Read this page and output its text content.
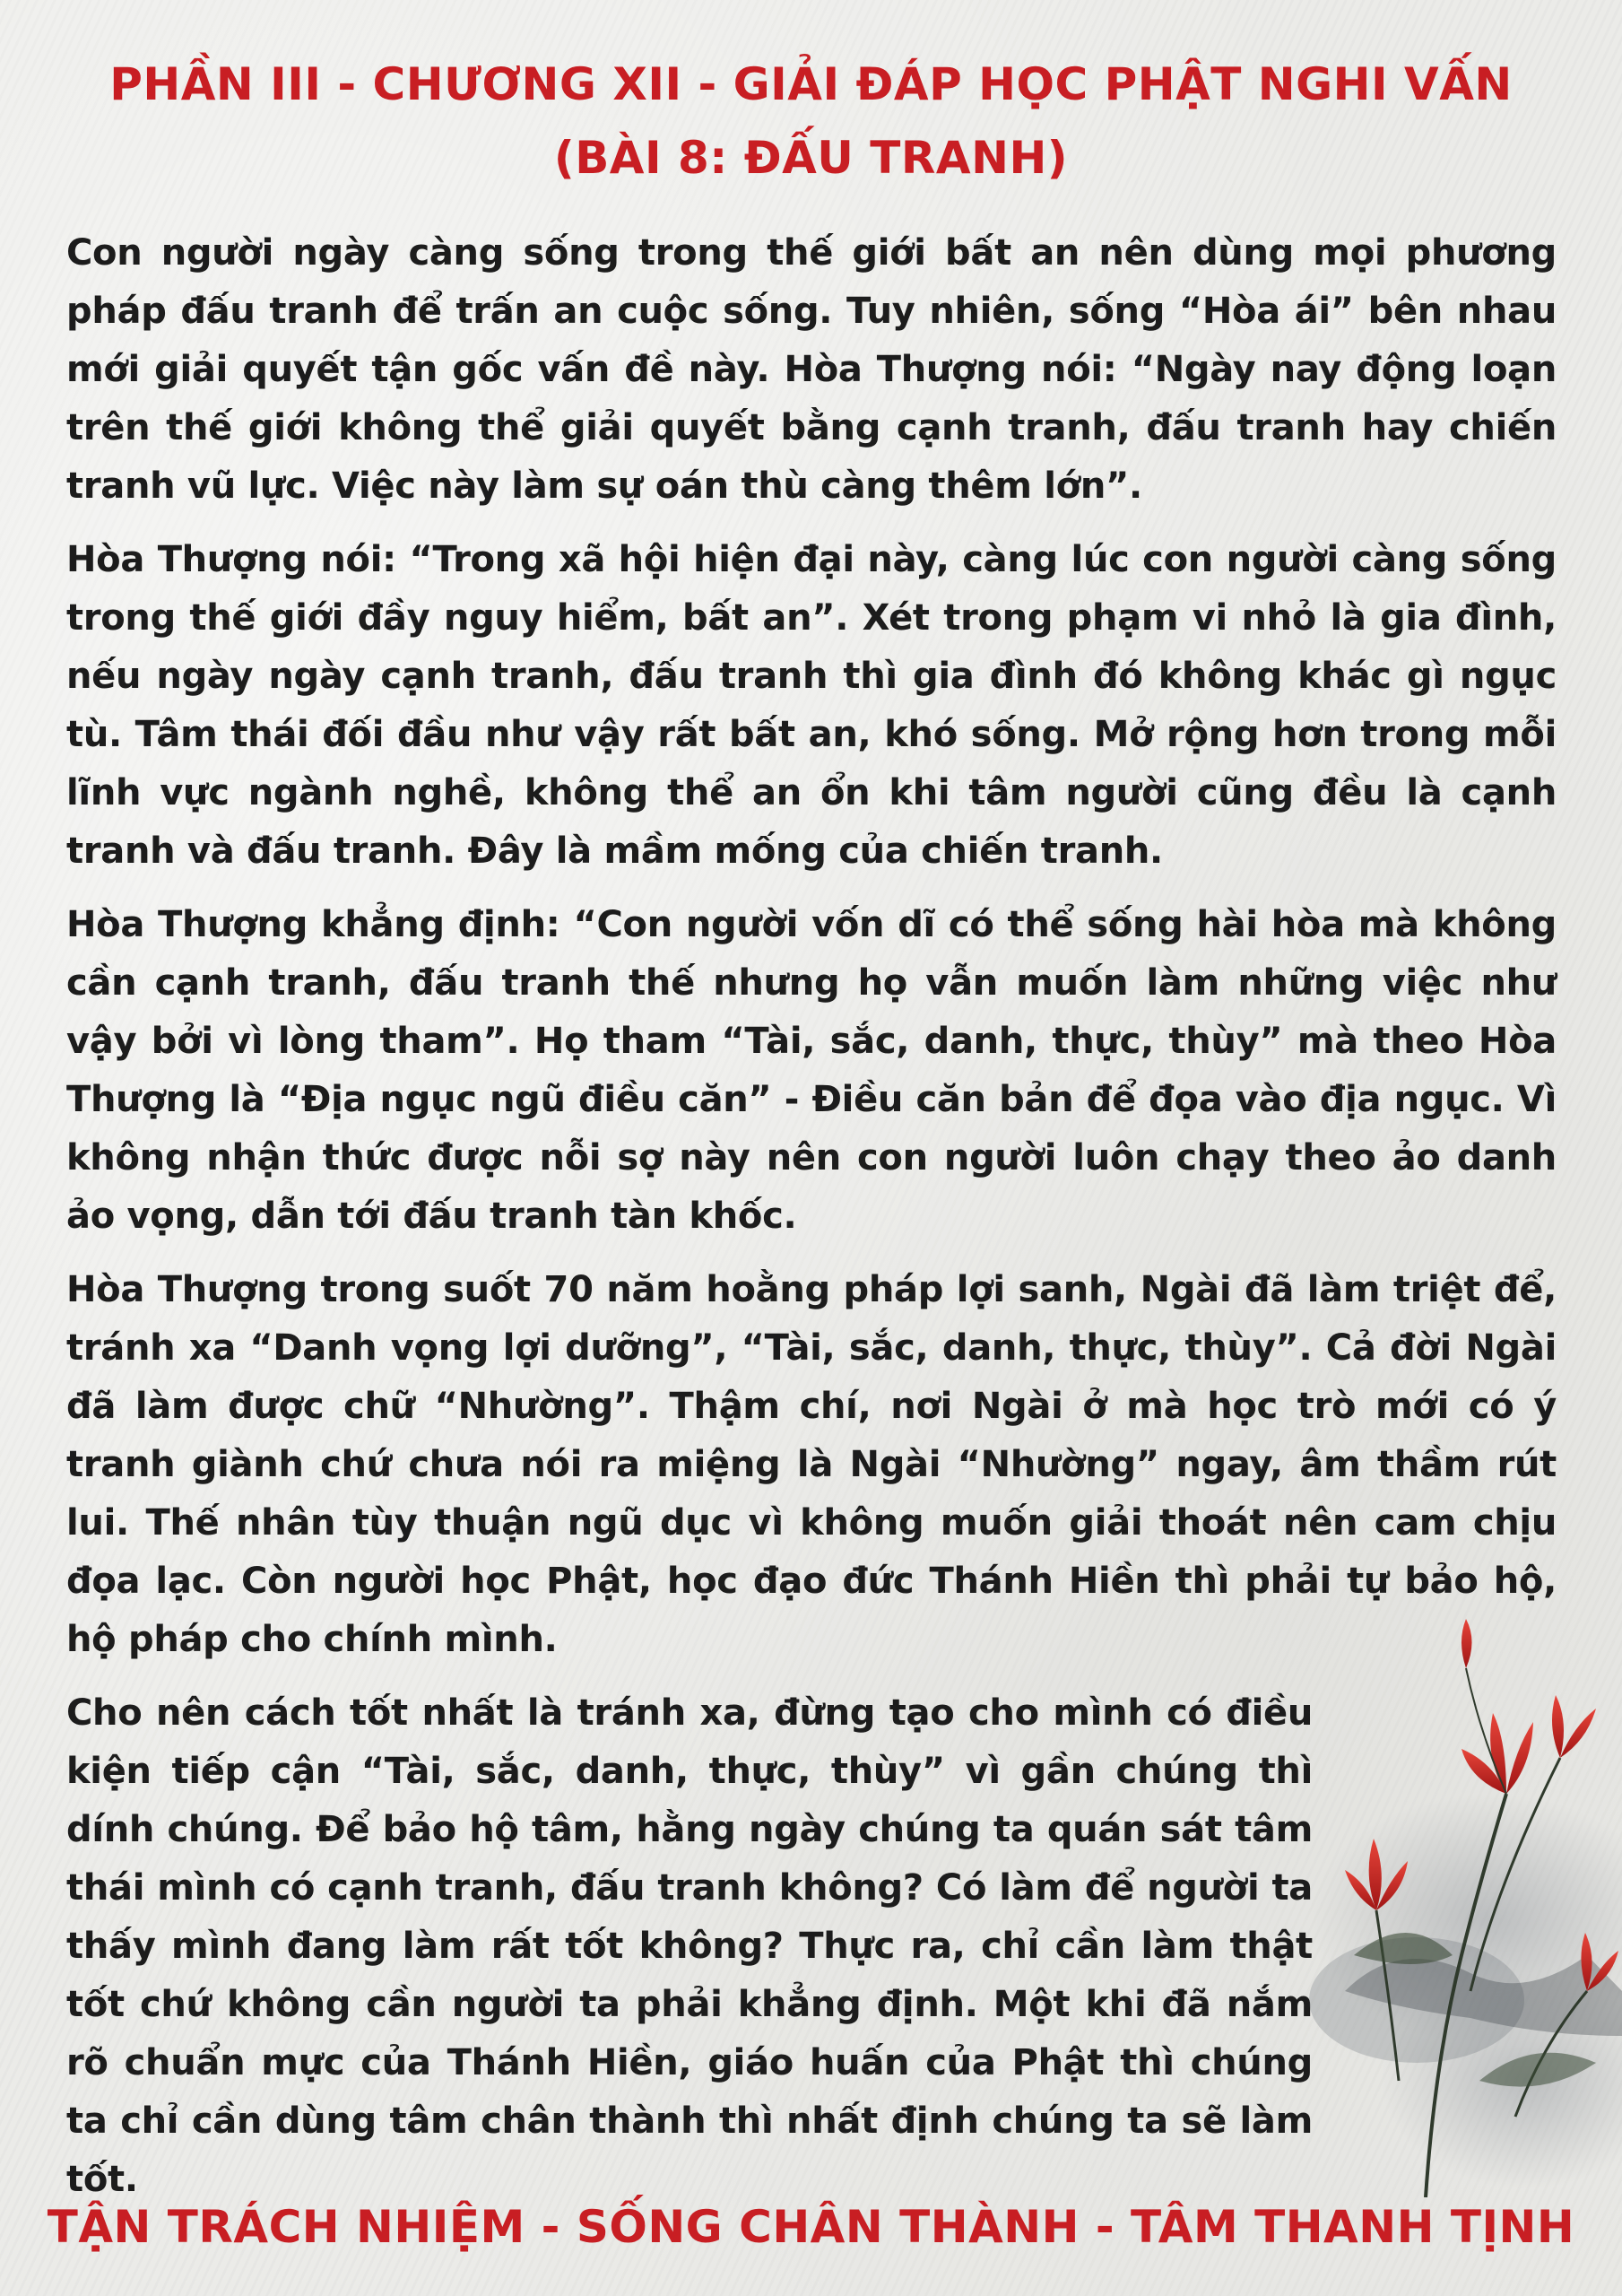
PHẦN III - CHƯƠNG XII - GIẢI ĐÁP HỌC PHẬT NGHI VẤN
(BÀI 8: ĐẤU TRANH)

Con người ngày càng sống trong thế giới bất an nên dùng mọi phương pháp đấu tranh để trấn an cuộc sống. Tuy nhiên, sống “Hòa ái” bên nhau mới giải quyết tận gốc vấn đề này. Hòa Thượng nói: “Ngày nay động loạn trên thế giới không thể giải quyết bằng cạnh tranh, đấu tranh hay chiến tranh vũ lực. Việc này làm sự oán thù càng thêm lớn”.

Hòa Thượng nói: “Trong xã hội hiện đại này, càng lúc con người càng sống trong thế giới đầy nguy hiểm, bất an”. Xét trong phạm vi nhỏ là gia đình, nếu ngày ngày cạnh tranh, đấu tranh thì gia đình đó không khác gì ngục tù. Tâm thái đối đầu như vậy rất bất an, khó sống. Mở rộng hơn trong mỗi lĩnh vực ngành nghề, không thể an ổn khi tâm người cũng đều là cạnh tranh và đấu tranh. Đây là mầm mống của chiến tranh.

Hòa Thượng khẳng định: “Con người vốn dĩ có thể sống hài hòa mà không cần cạnh tranh, đấu tranh thế nhưng họ vẫn muốn làm những việc như vậy bởi vì lòng tham”. Họ tham “Tài, sắc, danh, thực, thùy” mà theo Hòa Thượng là “Địa ngục ngũ điều căn” - Điều căn bản để đọa vào địa ngục. Vì không nhận thức được nỗi sợ này nên con người luôn chạy theo ảo danh ảo vọng, dẫn tới đấu tranh tàn khốc.

Hòa Thượng trong suốt 70 năm hoằng pháp lợi sanh, Ngài đã làm triệt để, tránh xa “Danh vọng lợi dưỡng”, “Tài, sắc, danh, thực, thùy”. Cả đời Ngài đã làm được chữ “Nhường”. Thậm chí, nơi Ngài ở mà học trò mới có ý tranh giành chứ chưa nói ra miệng là Ngài “Nhường” ngay, âm thầm rút lui. Thế nhân tùy thuận ngũ dục vì không muốn giải thoát nên cam chịu đọa lạc. Còn người học Phật, học đạo đức Thánh Hiền thì phải tự bảo hộ, hộ pháp cho chính mình.

Cho nên cách tốt nhất là tránh xa, đừng tạo cho mình có điều kiện tiếp cận “Tài, sắc, danh, thực, thùy” vì gần chúng thì dính chúng. Để bảo hộ tâm, hằng ngày chúng ta quán sát tâm thái mình có cạnh tranh, đấu tranh không? Có làm để người ta thấy mình đang làm rất tốt không? Thực ra, chỉ cần làm thật tốt chứ không cần người ta phải khẳng định. Một khi đã nắm rõ chuẩn mực của Thánh Hiền, giáo huấn của Phật thì chúng ta chỉ cần dùng tâm chân thành thì nhất định chúng ta sẽ làm tốt.

TẬN TRÁCH NHIỆM - SỐNG CHÂN THÀNH - TÂM THANH TỊNH
